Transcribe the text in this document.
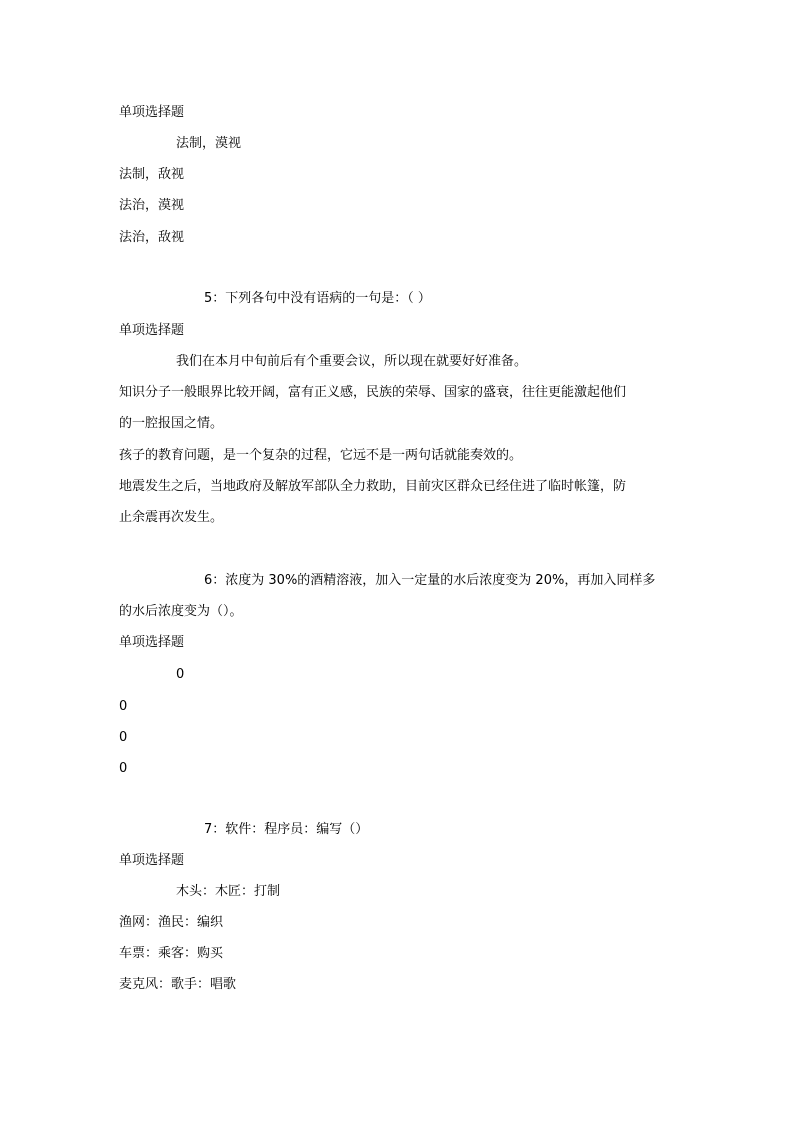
单项选择题
法制，漠视
法制，敌视
法治，漠视
法治，敌视
5：下列各句中没有语病的一句是：（ ）
单项选择题
我们在本月中旬前后有个重要会议，所以现在就要好好准备。
知识分子一般眼界比较开阔，富有正义感，民族的荣辱、国家的盛衰，往往更能激起他们
的一腔报国之情。
孩子的教育问题，是一个复杂的过程，它远不是一两句话就能奏效的。
地震发生之后，当地政府及解放军部队全力救助，目前灾区群众已经住进了临时帐篷，防
止余震再次发生。
6：浓度为 30%的酒精溶液，加入一定量的水后浓度变为 20%，再加入同样多
的水后浓度变为（）。
单项选择题
0
0
0
0
7：软件：程序员：编写（）
单项选择题
木头：木匠：打制
渔网：渔民：编织
车票：乘客：购买
麦克风：歌手：唱歌
